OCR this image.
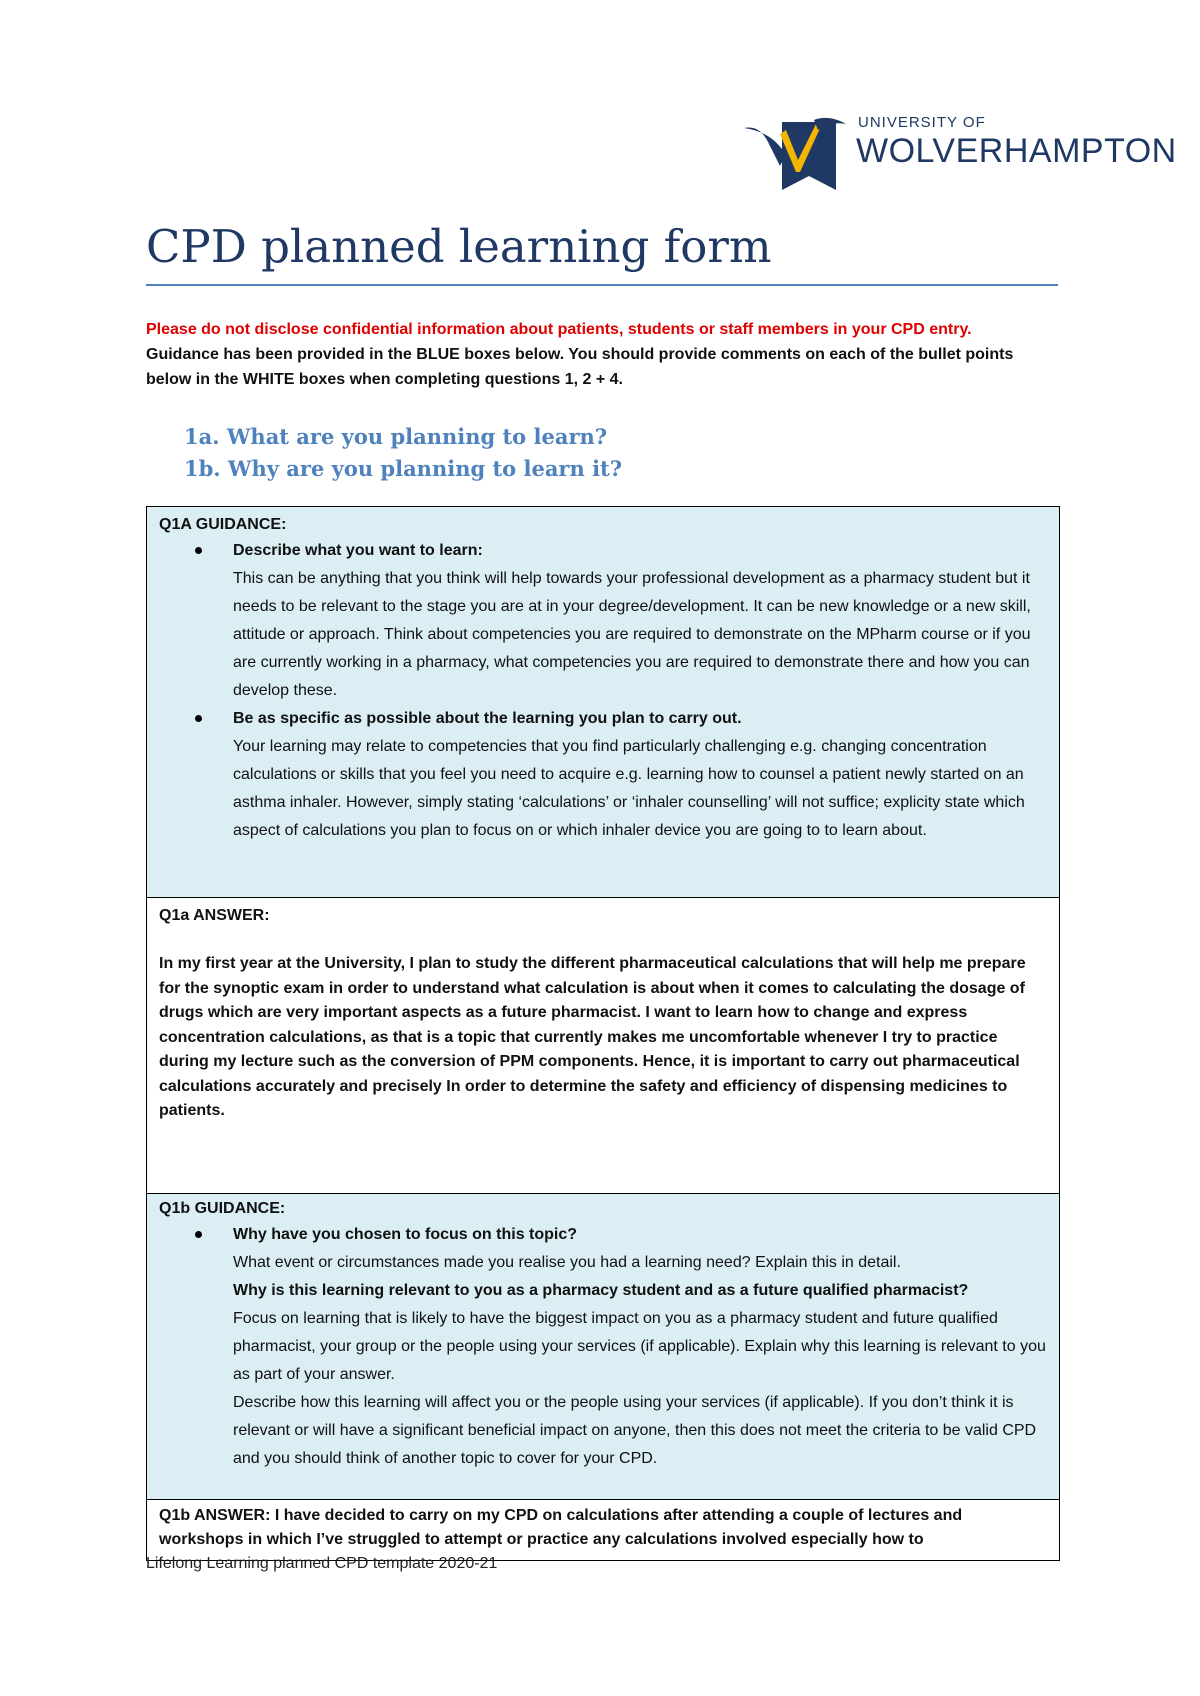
UNIVERSITY OF
WOLVERHAMPTON
CPD planned learning form
Please do not disclose confidential information about patients, students or staff members in your CPD entry.
Guidance has been provided in the BLUE boxes below. You should provide comments on each of the bullet points below in the WHITE boxes when completing questions 1, 2 + 4.
1a. What are you planning to learn?
1b. Why are you planning to learn it?
Q1A GUIDANCE:
Describe what you want to learn:
This can be anything that you think will help towards your professional development as a pharmacy student but it needs to be relevant to the stage you are at in your degree/development. It can be new knowledge or a new skill, attitude or approach. Think about competencies you are required to demonstrate on the MPharm course or if you are currently working in a pharmacy, what competencies you are required to demonstrate there and how you can develop these.
Be as specific as possible about the learning you plan to carry out.
Your learning may relate to competencies that you find particularly challenging e.g. changing concentration calculations or skills that you feel you need to acquire e.g. learning how to counsel a patient newly started on an asthma inhaler. However, simply stating ‘calculations’ or ‘inhaler counselling’ will not suffice; explicity state which aspect of calculations you plan to focus on or which inhaler device you are going to to learn about.
Q1a ANSWER:
In my first year at the University, I plan to study the different pharmaceutical calculations that will help me prepare for the synoptic exam in order to understand what calculation is about when it comes to calculating the dosage of drugs which are very important aspects as a future pharmacist. I want to learn how to change and express concentration calculations, as that is a topic that currently makes me uncomfortable whenever I try to practice during my lecture such as the conversion of PPM components. Hence, it is important to carry out pharmaceutical calculations accurately and precisely In order to determine the safety and efficiency of dispensing medicines to patients.
Q1b GUIDANCE:
Why have you chosen to focus on this topic?
What event or circumstances made you realise you had a learning need? Explain this in detail.
Why is this learning relevant to you as a pharmacy student and as a future qualified pharmacist?
Focus on learning that is likely to have the biggest impact on you as a pharmacy student and future qualified pharmacist, your group or the people using your services (if applicable). Explain why this learning is relevant to you as part of your answer.
Describe how this learning will affect you or the people using your services (if applicable). If you don’t think it is relevant or will have a significant beneficial impact on anyone, then this does not meet the criteria to be valid CPD and you should think of another topic to cover for your CPD.
Q1b ANSWER: I have decided to carry on my CPD on calculations after attending a couple of lectures and workshops in which I’ve struggled to attempt or practice any calculations involved especially how to
Lifelong Learning planned CPD template 2020-21
